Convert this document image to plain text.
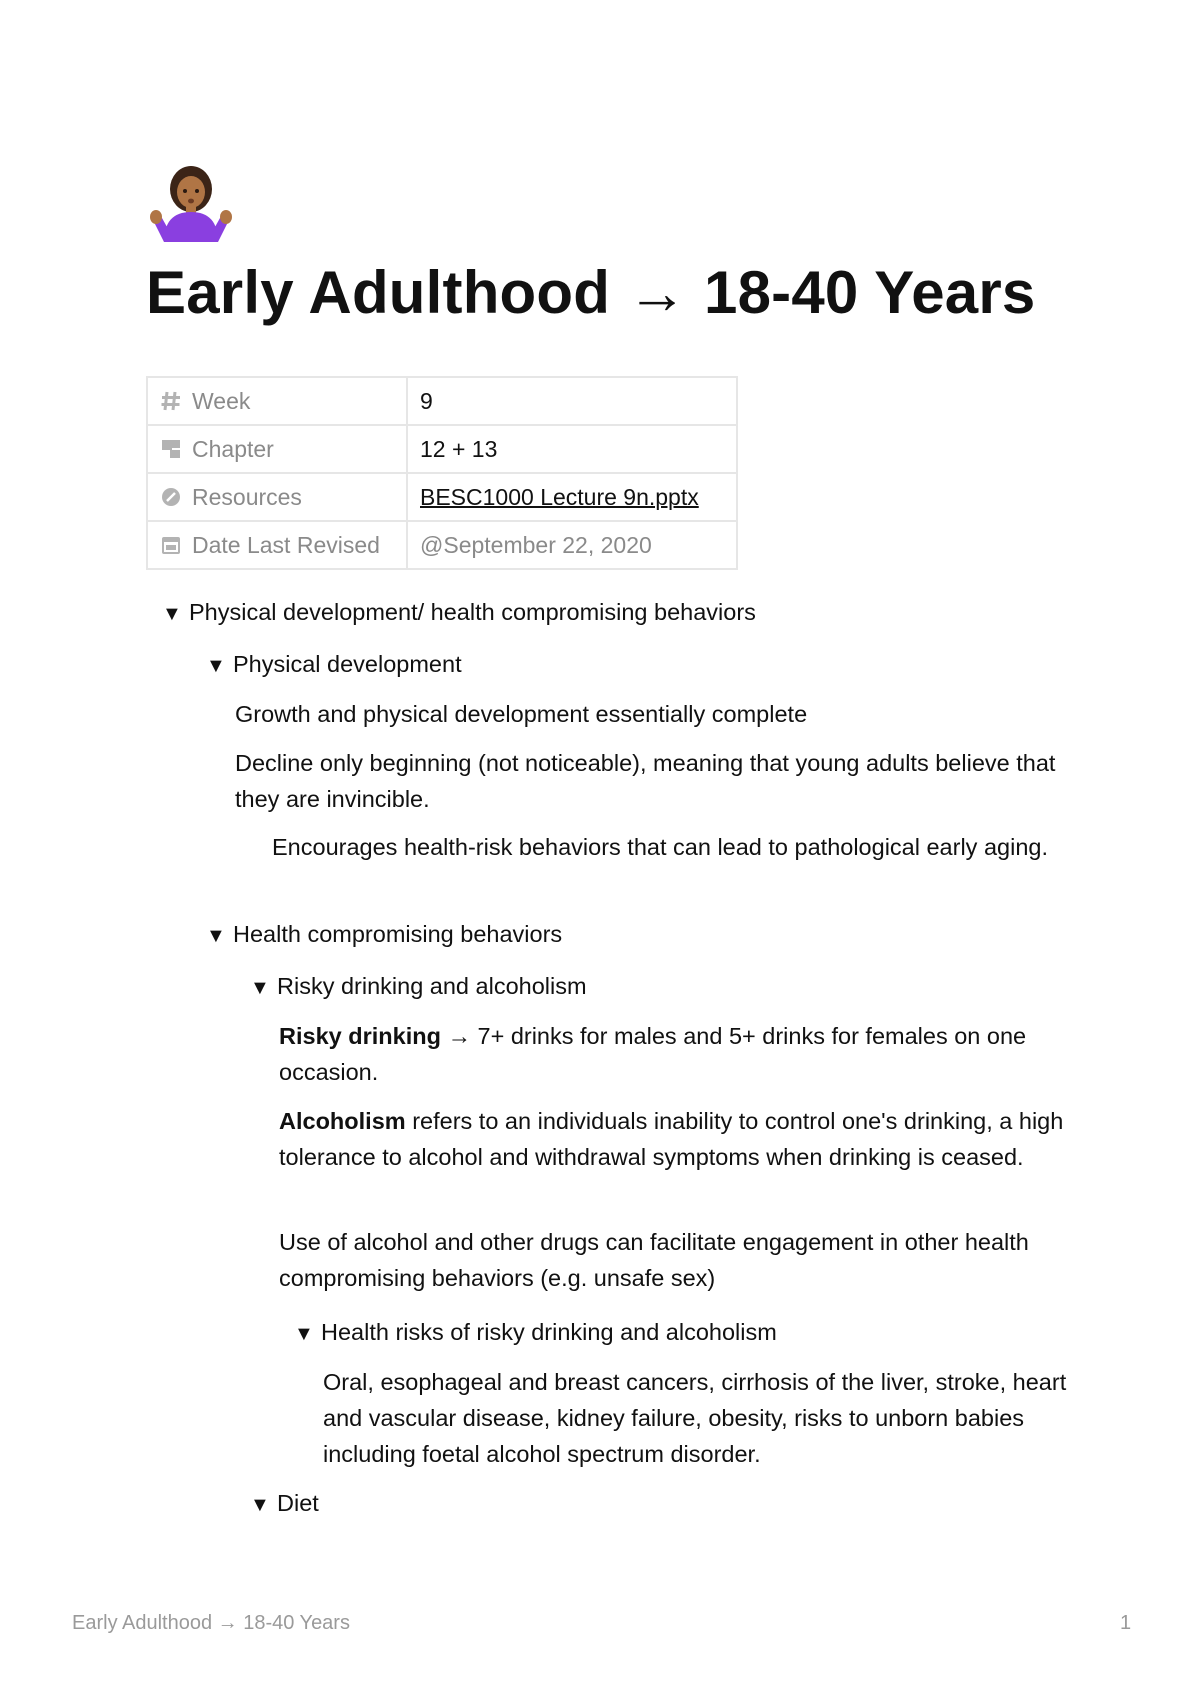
Early Adulthood → 18-40 Years
Week	9
Chapter	12 + 13
Resources	BESC1000 Lecture 9n.pptx
Date Last Revised	@September 22, 2020
▼ Physical development/ health compromising behaviors
▼ Physical development

Growth and physical development essentially complete

Decline only beginning (not noticeable), meaning that young adults believe that they are invincible.

Encourages health-risk behaviors that can lead to pathological early aging.

▼ Health compromising behaviors
▼ Risky drinking and alcoholism

Risky drinking → 7+ drinks for males and 5+ drinks for females on one occasion.

Alcoholism refers to an individuals inability to control one's drinking, a high tolerance to alcohol and withdrawal symptoms when drinking is ceased.

Use of alcohol and other drugs can facilitate engagement in other health compromising behaviors (e.g. unsafe sex)

▼ Health risks of risky drinking and alcoholism

Oral, esophageal and breast cancers, cirrhosis of the liver, stroke, heart and vascular disease, kidney failure, obesity, risks to unborn babies including foetal alcohol spectrum disorder.

▼ Diet
Early Adulthood → 18-40 Years	1
